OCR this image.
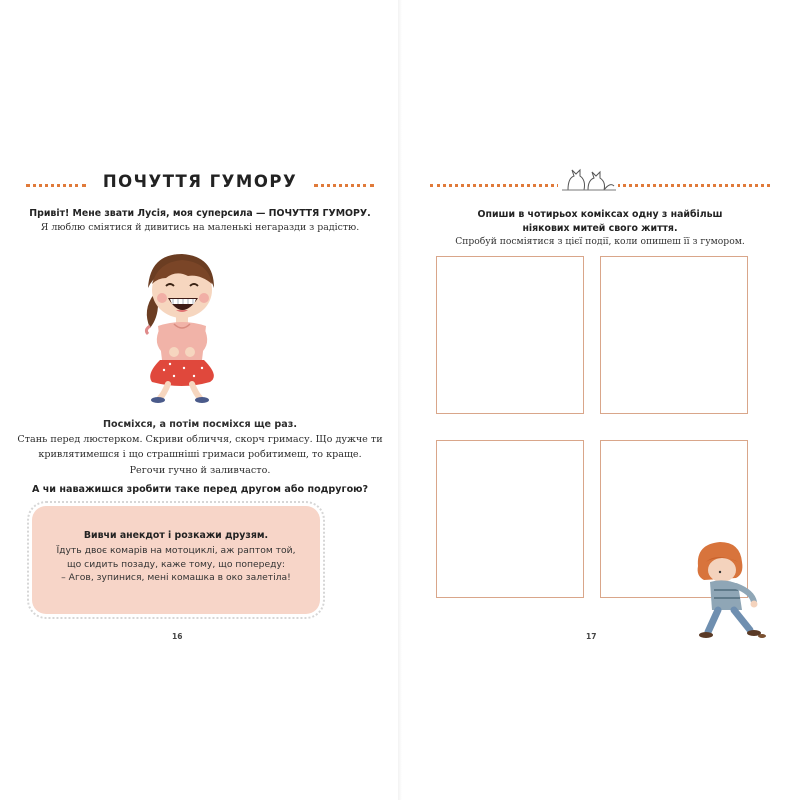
ПОЧУТТЯ ГУМОРУ
Привіт! Мене звати Лусія, моя суперсила — ПОЧУТТЯ ГУМОРУ.
Я люблю сміятися й дивитись на маленькі негаразди з радістю.
Посміхся, а потім посміхся ще раз.
Стань перед люстерком. Скриви обличчя, скорч гримасу. Що дужче ти
кривлятимешся і що страшніші гримаси робитимеш, то краще.
Регочи гучно й заливчасто.
А чи наважишся зробити таке перед другом або подругою?
Вивчи анекдот і розкажи друзям.
Їдуть двоє комарів на мотоциклі, аж раптом той,
що сидить позаду, каже тому, що попереду:
– Агов, зупинися, мені комашка в око залетіла!
16
Опиши в чотирьох коміксах одну з найбільш
ніякових митей свого життя.
Спробуй посміятися з цієї події, коли опишеш її з гумором.
17
